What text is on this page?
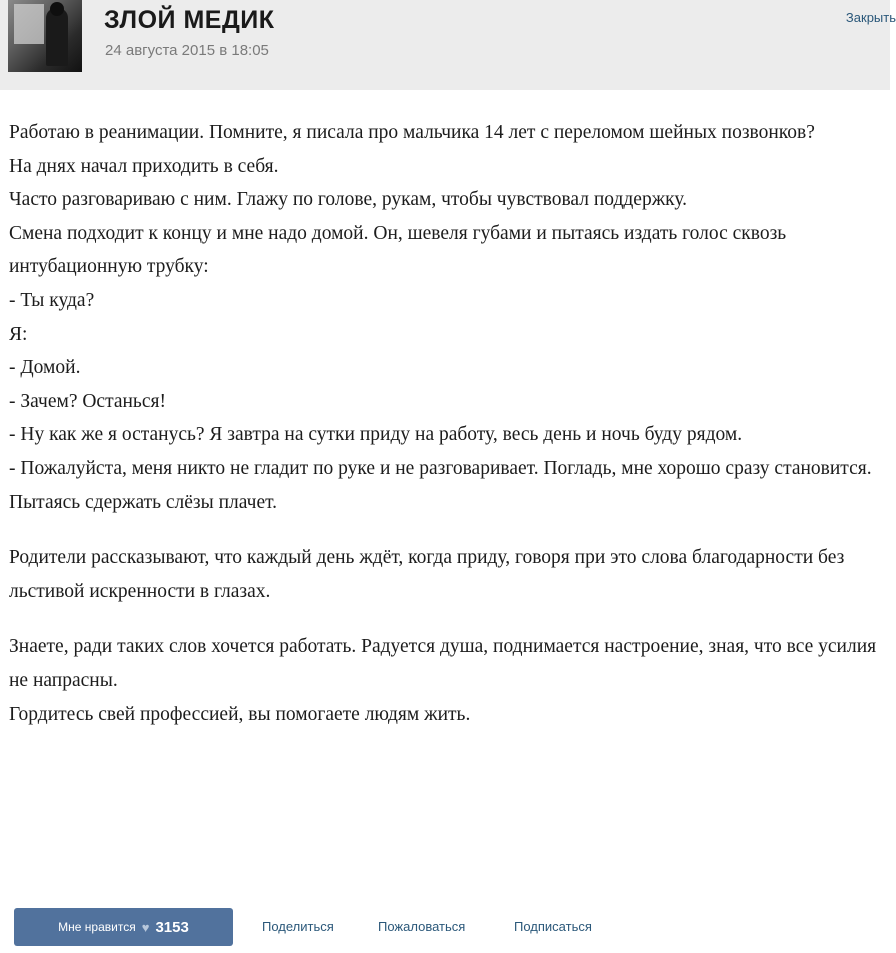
ЗЛОЙ МЕДИК
24 августа 2015 в 18:05
Закрыть

Работаю в реанимации. Помните, я писала про мальчика 14 лет с переломом шейных позвонков?

На днях начал приходить в себя.

Часто разговариваю с ним. Глажу по голове, рукам, чтобы чувствовал поддержку.

Смена подходит к концу и мне надо домой. Он, шевеля губами и пытаясь издать голос сквозь интубационную трубку:

- Ты куда?

Я:

- Домой.

- Зачем? Останься!

- Ну как же я останусь? Я завтра на сутки приду на работу, весь день и ночь буду рядом.

- Пожалуйста, меня никто не гладит по руке и не разговаривает. Погладь, мне хорошо сразу становится.

Пытаясь сдержать слёзы плачет.

Родители рассказывают, что каждый день ждёт, когда приду, говоря при это слова благодарности без льстивой искренности в глазах.

Знаете, ради таких слов хочется работать. Радуется душа, поднимается настроение, зная, что все усилия не напрасны.

Гордитесь свей профессией, вы помогаете людям жить.

Мне нравится ♥ 3153	Поделиться	Пожаловаться	Подписаться
